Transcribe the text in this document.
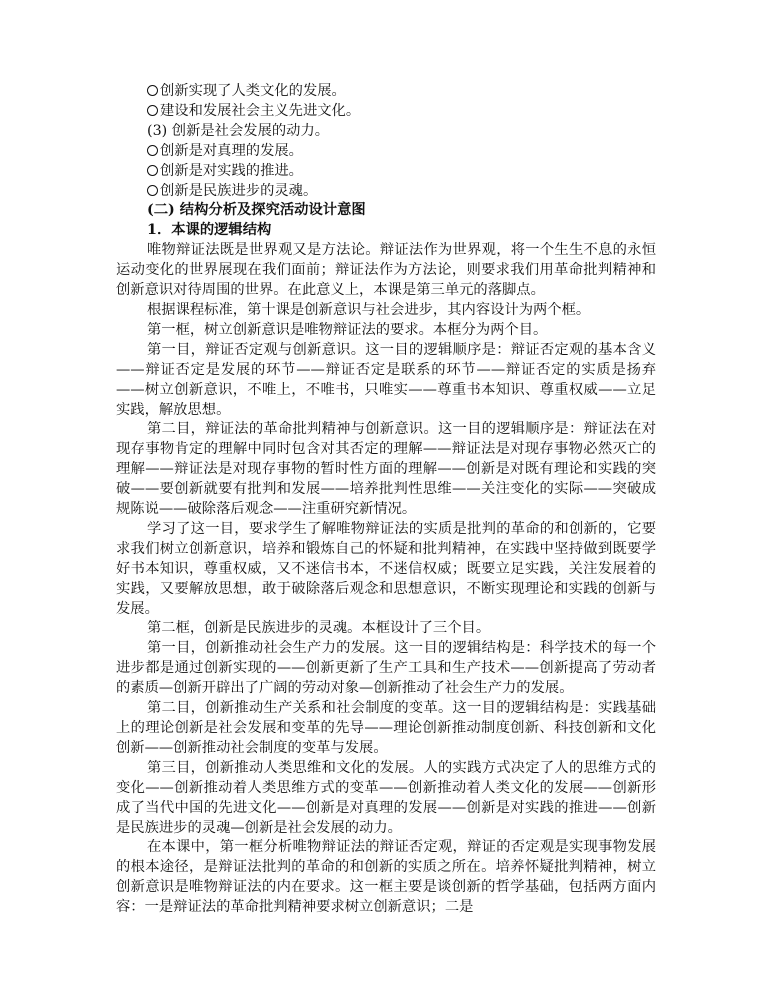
创新实现了人类文化的发展。
建设和发展社会主义先进文化。
(3) 创新是社会发展的动力。
创新是对真理的发展。
创新是对实践的推进。
创新是民族进步的灵魂。
(二) 结构分析及探究活动设计意图
1．本课的逻辑结构
唯物辩证法既是世界观又是方法论。辩证法作为世界观，将一个生生不息的永恒运动变化的世界展现在我们面前；辩证法作为方法论，则要求我们用革命批判精神和创新意识对待周围的世界。在此意义上，本课是第三单元的落脚点。
根据课程标准，第十课是创新意识与社会进步，其内容设计为两个框。
第一框，树立创新意识是唯物辩证法的要求。本框分为两个目。
第一目，辩证否定观与创新意识。这一目的逻辑顺序是：辩证否定观的基本含义——辩证否定是发展的环节——辩证否定是联系的环节——辩证否定的实质是扬弃——树立创新意识，不唯上，不唯书，只唯实——尊重书本知识、尊重权威——立足实践，解放思想。
第二目，辩证法的革命批判精神与创新意识。这一目的逻辑顺序是：辩证法在对现存事物肯定的理解中同时包含对其否定的理解——辩证法是对现存事物必然灭亡的理解——辩证法是对现存事物的暂时性方面的理解——创新是对既有理论和实践的突破——要创新就要有批判和发展——培养批判性思维——关注变化的实际——突破成规陈说——破除落后观念——注重研究新情况。
学习了这一目，要求学生了解唯物辩证法的实质是批判的革命的和创新的，它要求我们树立创新意识，培养和锻炼自己的怀疑和批判精神，在实践中坚持做到既要学好书本知识，尊重权威，又不迷信书本，不迷信权威；既要立足实践，关注发展着的实践，又要解放思想，敢于破除落后观念和思想意识，不断实现理论和实践的创新与发展。
第二框，创新是民族进步的灵魂。本框设计了三个目。
第一目，创新推动社会生产力的发展。这一目的逻辑结构是：科学技术的每一个进步都是通过创新实现的——创新更新了生产工具和生产技术——创新提高了劳动者的素质—创新开辟出了广阔的劳动对象—创新推动了社会生产力的发展。
第二目，创新推动生产关系和社会制度的变革。这一目的逻辑结构是：实践基础上的理论创新是社会发展和变革的先导——理论创新推动制度创新、科技创新和文化创新——创新推动社会制度的变革与发展。
第三目，创新推动人类思维和文化的发展。人的实践方式决定了人的思维方式的变化——创新推动着人类思维方式的变革——创新推动着人类文化的发展——创新形成了当代中国的先进文化——创新是对真理的发展——创新是对实践的推进——创新是民族进步的灵魂—创新是社会发展的动力。
在本课中，第一框分析唯物辩证法的辩证否定观，辩证的否定观是实现事物发展的根本途径，是辩证法批判的革命的和创新的实质之所在。培养怀疑批判精神，树立创新意识是唯物辩证法的内在要求。这一框主要是谈创新的哲学基础，包括两方面内容：一是辩证法的革命批判精神要求树立创新意识；二是
